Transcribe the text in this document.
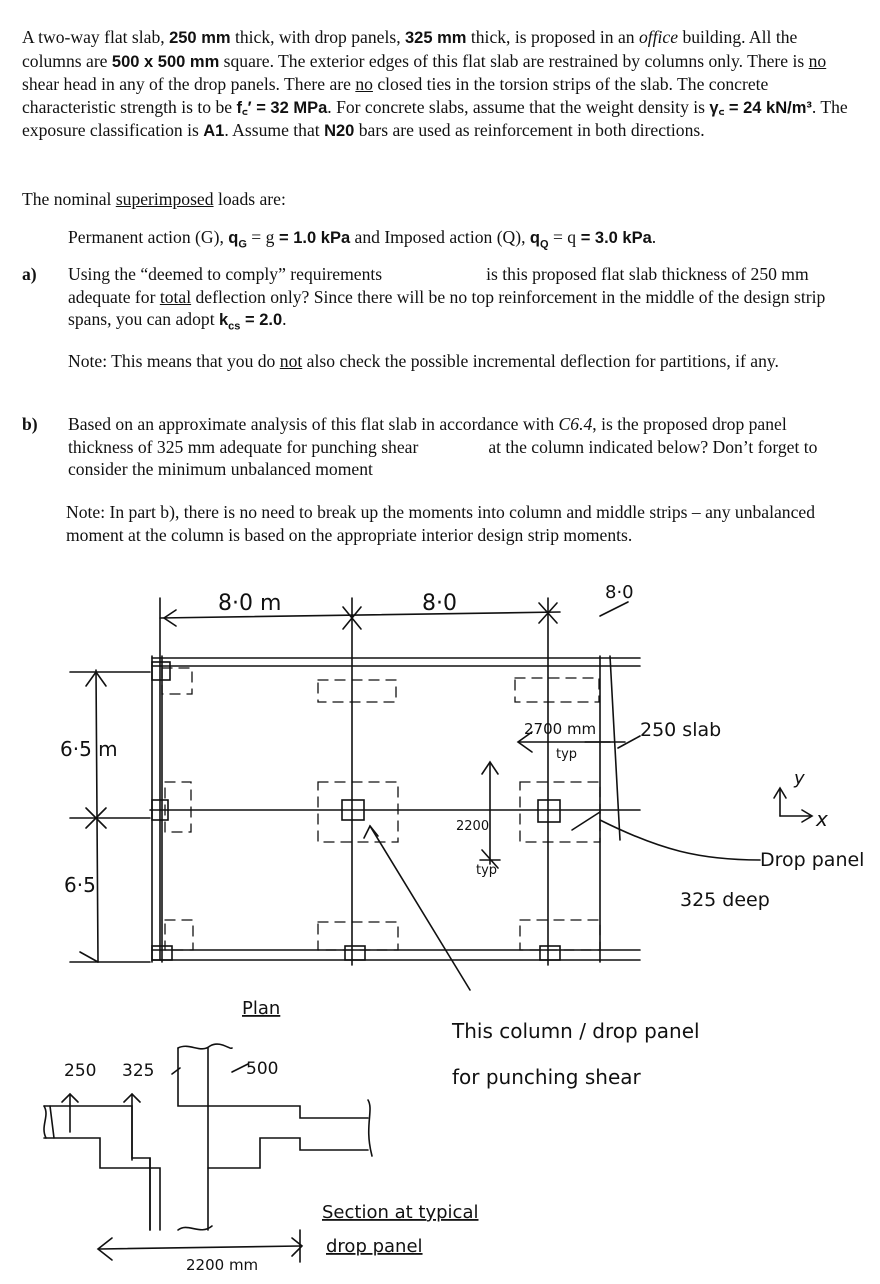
A two-way flat slab, 250 mm thick, with drop panels, 325 mm thick, is proposed in an office building. All the columns are 500 x 500 mm square. The exterior edges of this flat slab are restrained by columns only. There is no shear head in any of the drop panels. There are no closed ties in the torsion strips of the slab. The concrete characteristic strength is to be f꜀′ = 32 MPa. For concrete slabs, assume that the weight density is γ꜀ = 24 kN/m³. The exposure classification is A1. Assume that N20 bars are used as reinforcement in both directions.

The nominal superimposed loads are:

Permanent action (G), $q_G = g = 1.0$ kPa and Imposed action (Q), $q_Q = q = 3.0$ kPa.

a) Using the “deemed to comply” requirements	is this proposed flat slab thickness of 250 mm adequate for total deflection only? Since there will be no top reinforcement in the middle of the design strip spans, you can adopt $k_{cs} = 2.0$.

Note: This means that you do not also check the possible incremental deflection for partitions, if any.

b) Based on an approximate analysis of this flat slab in accordance with C6.4, is the proposed drop panel thickness of 325 mm adequate for punching shear	at the column indicated below? Don’t forget to consider the minimum unbalanced moment

Note: In part b), there is no need to break up the moments into column and middle strips – any unbalanced moment at the column is based on the appropriate interior design strip moments.

8·0 m	8·0	8·0
6·5 m
6·5
2700 mm
typ
2200
typ
250 slab
y
x
Drop panel
325 deep
Plan
This column / drop panel
for punching shear
250 325	500
2200 mm
Section at typical
drop panel
